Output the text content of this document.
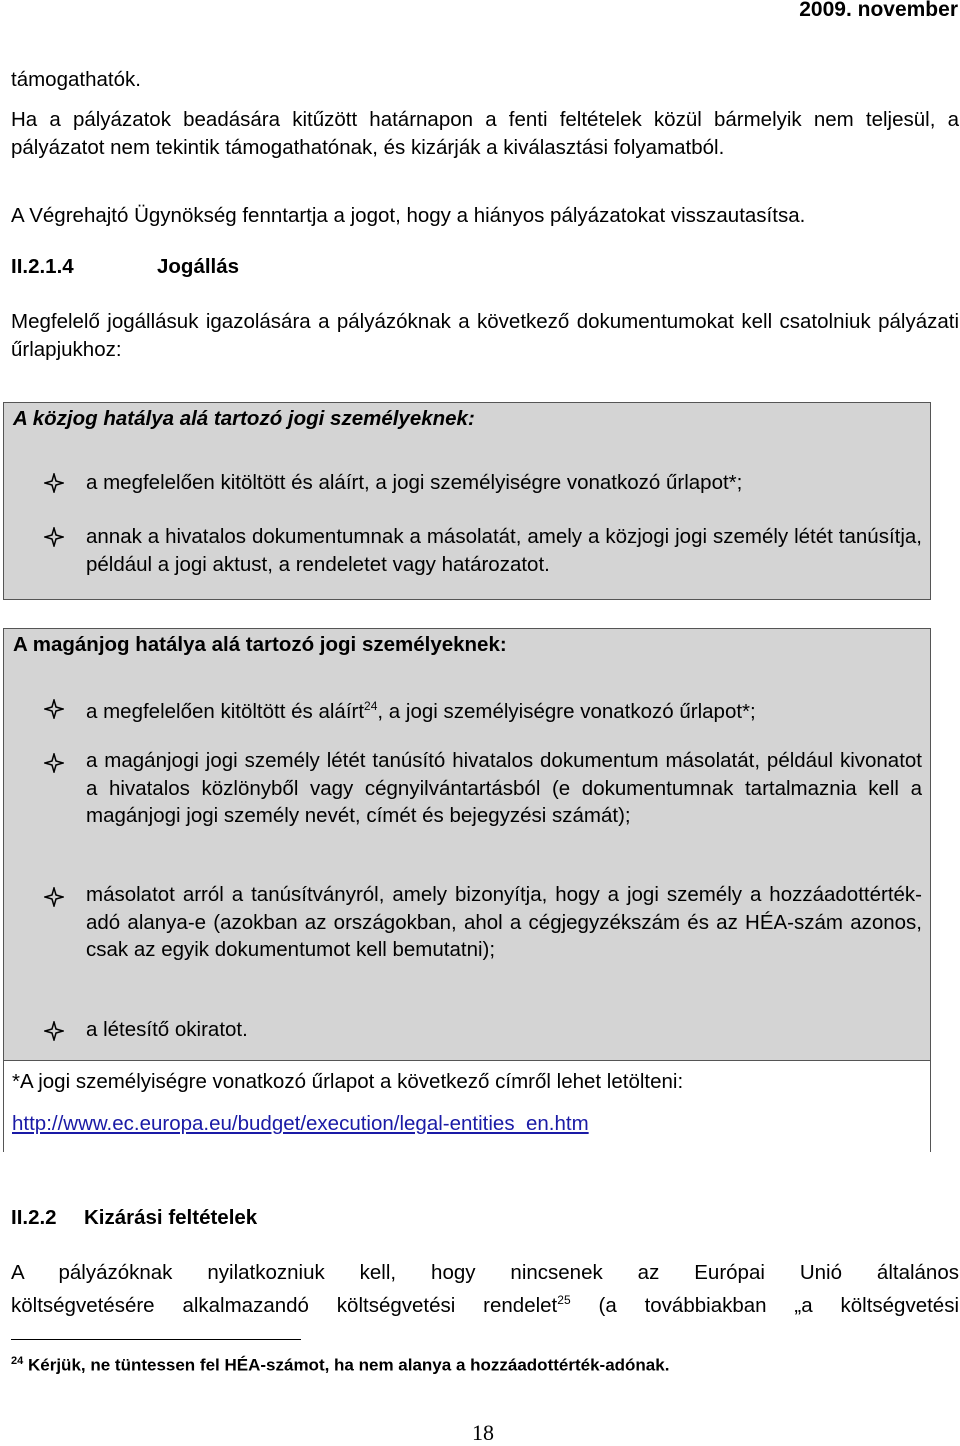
2009. november
támogathatók.
Ha a pályázatok beadására kitűzött határnapon a fenti feltételek közül bármelyik nem teljesül, a pályázatot nem tekintik támogathatónak, és kizárják a kiválasztási folyamatból.
A Végrehajtó Ügynökség fenntartja a jogot, hogy a hiányos pályázatokat visszautasítsa.
II.2.1.4	Jogállás
Megfelelő jogállásuk igazolására a pályázóknak a következő dokumentumokat kell csatolniuk pályázati űrlapjukhoz:
A közjog hatálya alá tartozó jogi személyeknek:
a megfelelően kitöltött és aláírt, a jogi személyiségre vonatkozó űrlapot*;
annak a hivatalos dokumentumnak a másolatát, amely a közjogi jogi személy létét tanúsítja, például a jogi aktust, a rendeletet vagy határozatot.
A magánjog hatálya alá tartozó jogi személyeknek:
a megfelelően kitöltött és aláírt$^{24}$, a jogi személyiségre vonatkozó űrlapot*;
a magánjogi jogi személy létét tanúsító hivatalos dokumentum másolatát, például kivonatot a hivatalos közlönyből vagy cégnyilvántartásból (e dokumentumnak tartalmaznia kell a magánjogi jogi személy nevét, címét és bejegyzési számát);
másolatot arról a tanúsítványról, amely bizonyítja, hogy a jogi személy a hozzáadottérték-adó alanya-e (azokban az országokban, ahol a cégjegyzékszám és az HÉA-szám azonos, csak az egyik dokumentumot kell bemutatni);
a létesítő okiratot.
*A jogi személyiségre vonatkozó űrlapot a következő címről lehet letölteni:
http://www.ec.europa.eu/budget/execution/legal-entities_en.htm
II.2.2 Kizárási feltételek
A pályázóknak nyilatkozniuk kell, hogy nincsenek az Európai Unió általános
költségvetésére alkalmazandó költségvetési rendelet$^{25}$ (a továbbiakban „a költségvetési
$^{24}$ Kérjük, ne tüntessen fel HÉA-számot, ha nem alanya a hozzáadottérték-adónak.
18
